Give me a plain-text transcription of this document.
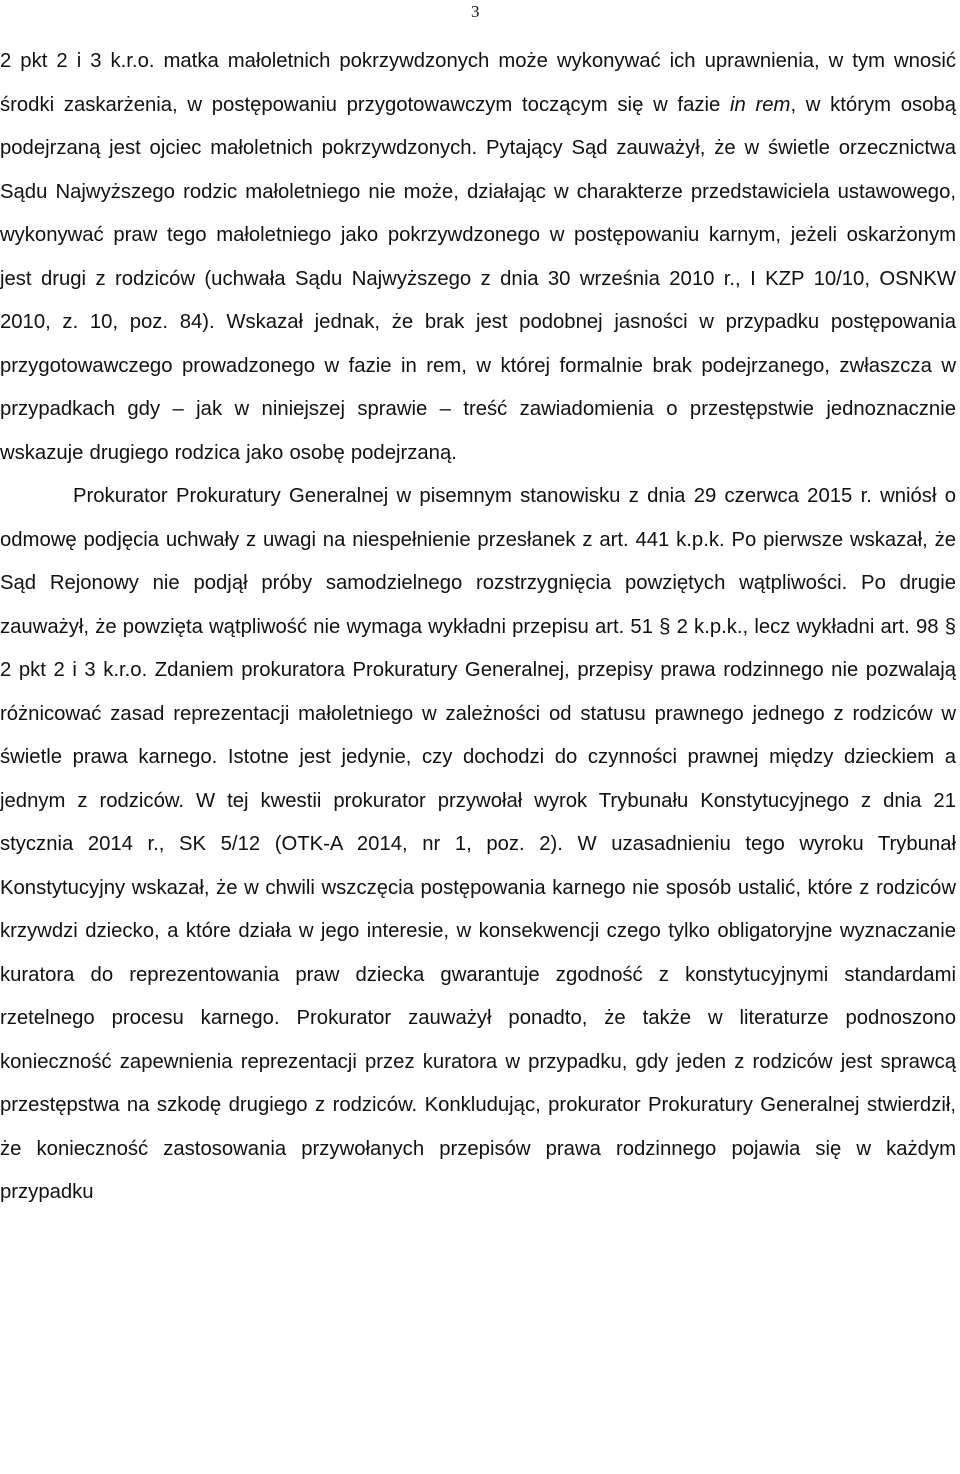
3

2 pkt 2 i 3 k.r.o. matka małoletnich pokrzywdzonych może wykonywać ich uprawnienia, w tym wnosić środki zaskarżenia, w postępowaniu przygotowawczym toczącym się w fazie in rem, w którym osobą podejrzaną jest ojciec małoletnich pokrzywdzonych. Pytający Sąd zauważył, że w świetle orzecznictwa Sądu Najwyższego rodzic małoletniego nie może, działając w charakterze przedstawiciela ustawowego, wykonywać praw tego małoletniego jako pokrzywdzonego w postępowaniu karnym, jeżeli oskarżonym jest drugi z rodziców (uchwała Sądu Najwyższego z dnia 30 września 2010 r., I KZP 10/10, OSNKW 2010, z. 10, poz. 84). Wskazał jednak, że brak jest podobnej jasności w przypadku postępowania przygotowawczego prowadzonego w fazie in rem, w której formalnie brak podejrzanego, zwłaszcza w przypadkach gdy – jak w niniejszej sprawie – treść zawiadomienia o przestępstwie jednoznacznie wskazuje drugiego rodzica jako osobę podejrzaną.

Prokurator Prokuratury Generalnej w pisemnym stanowisku z dnia 29 czerwca 2015 r. wniósł o odmowę podjęcia uchwały z uwagi na niespełnienie przesłanek z art. 441 k.p.k. Po pierwsze wskazał, że Sąd Rejonowy nie podjął próby samodzielnego rozstrzygnięcia powziętych wątpliwości. Po drugie zauważył, że powzięta wątpliwość nie wymaga wykładni przepisu art. 51 § 2 k.p.k., lecz wykładni art. 98 § 2 pkt 2 i 3 k.r.o. Zdaniem prokuratora Prokuratury Generalnej, przepisy prawa rodzinnego nie pozwalają różnicować zasad reprezentacji małoletniego w zależności od statusu prawnego jednego z rodziców w świetle prawa karnego. Istotne jest jedynie, czy dochodzi do czynności prawnej między dzieckiem a jednym z rodziców. W tej kwestii prokurator przywołał wyrok Trybunału Konstytucyjnego z dnia 21 stycznia 2014 r., SK 5/12 (OTK-A 2014, nr 1, poz. 2). W uzasadnieniu tego wyroku Trybunał Konstytucyjny wskazał, że w chwili wszczęcia postępowania karnego nie sposób ustalić, które z rodziców krzywdzi dziecko, a które działa w jego interesie, w konsekwencji czego tylko obligatoryjne wyznaczanie kuratora do reprezentowania praw dziecka gwarantuje zgodność z konstytucyjnymi standardami rzetelnego procesu karnego. Prokurator zauważył ponadto, że także w literaturze podnoszono konieczność zapewnienia reprezentacji przez kuratora w przypadku, gdy jeden z rodziców jest sprawcą przestępstwa na szkodę drugiego z rodziców. Konkludując, prokurator Prokuratury Generalnej stwierdził, że konieczność zastosowania przywołanych przepisów prawa rodzinnego pojawia się w każdym przypadku
